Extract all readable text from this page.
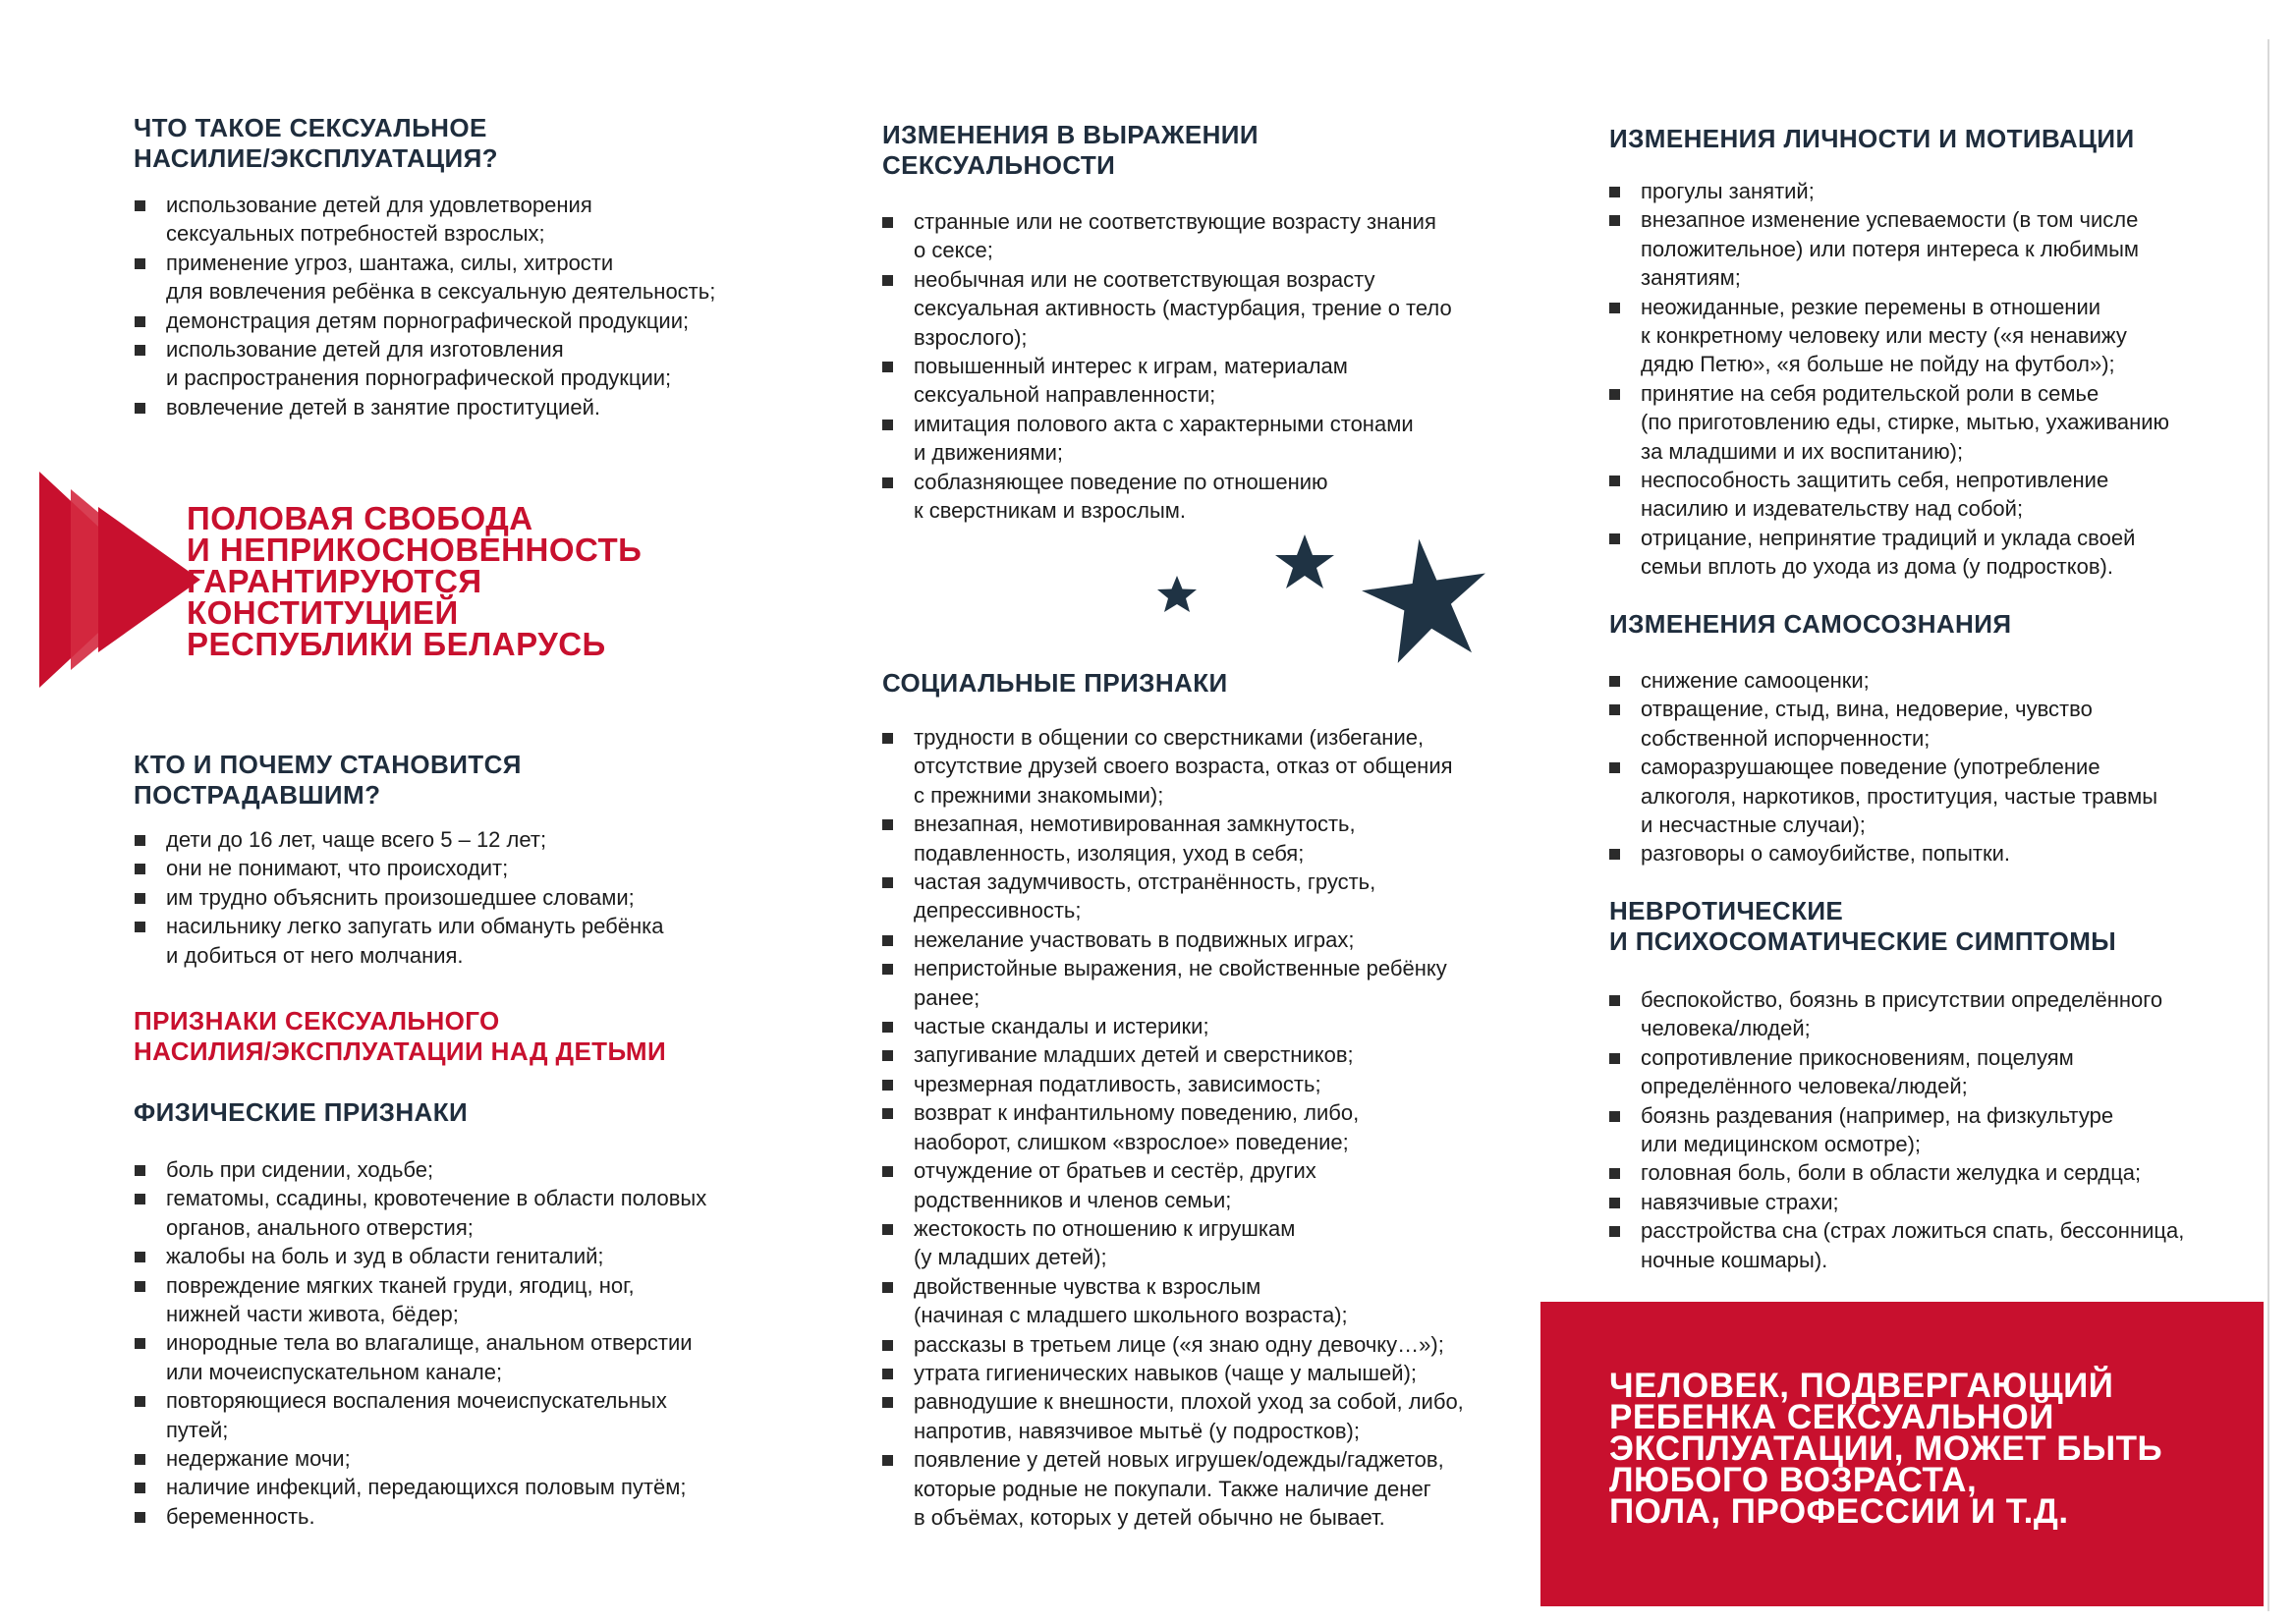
ЧТО ТАКОЕ СЕКСУАЛЬНОЕ
НАСИЛИЕ/ЭКСПЛУАТАЦИЯ?
использование детей для удовлетворения
сексуальных потребностей взрослых;
применение угроз, шантажа, силы, хитрости
для вовлечения ребёнка в сексуальную деятельность;
демонстрация детям порнографической продукции;
использование детей для изготовления
и распространения порнографической продукции;
вовлечение детей в занятие проституцией.
ПОЛОВАЯ СВОБОДА
И НЕПРИКОСНОВЕННОСТЬ
ГАРАНТИРУЮТСЯ
КОНСТИТУЦИЕЙ
РЕСПУБЛИКИ БЕЛАРУСЬ
КТО И ПОЧЕМУ СТАНОВИТСЯ
ПОСТРАДАВШИМ?
дети до 16 лет, чаще всего 5 – 12 лет;
они не понимают, что происходит;
им трудно объяснить произошедшее словами;
насильнику легко запугать или обмануть ребёнка
и добиться от него молчания.
ПРИЗНАКИ СЕКСУАЛЬНОГО
НАСИЛИЯ/ЭКСПЛУАТАЦИИ НАД ДЕТЬМИ
ФИЗИЧЕСКИЕ ПРИЗНАКИ
боль при сидении, ходьбе;
гематомы, ссадины, кровотечение в области половых
органов, анального отверстия;
жалобы на боль и зуд в области гениталий;
повреждение мягких тканей груди, ягодиц, ног,
нижней части живота, бёдер;
инородные тела во влагалище, анальном отверстии
или мочеиспускательном канале;
повторяющиеся воспаления мочеиспускательных
путей;
недержание мочи;
наличие инфекций, передающихся половым путём;
беременность.
ИЗМЕНЕНИЯ В ВЫРАЖЕНИИ
СЕКСУАЛЬНОСТИ
странные или не соответствующие возрасту знания
о сексе;
необычная или не соответствующая возрасту
сексуальная активность (мастурбация, трение о тело
взрослого);
повышенный интерес к играм, материалам
сексуальной направленности;
имитация полового акта с характерными стонами
и движениями;
соблазняющее поведение по отношению
к сверстникам и взрослым.
СОЦИАЛЬНЫЕ ПРИЗНАКИ
трудности в общении со сверстниками (избегание,
отсутствие друзей своего возраста, отказ от общения
с прежними знакомыми);
внезапная, немотивированная замкнутость,
подавленность, изоляция, уход в себя;
частая задумчивость, отстранённость, грусть,
депрессивность;
нежелание участвовать в подвижных играх;
непристойные выражения, не свойственные ребёнку
ранее;
частые скандалы и истерики;
запугивание младших детей и сверстников;
чрезмерная податливость, зависимость;
возврат к инфантильному поведению, либо,
наоборот, слишком «взрослое» поведение;
отчуждение от братьев и сестёр, других
родственников и членов семьи;
жестокость по отношению к игрушкам
(у младших детей);
двойственные чувства к взрослым
(начиная с младшего школьного возраста);
рассказы в третьем лице («я знаю одну девочку…»);
утрата гигиенических навыков (чаще у малышей);
равнодушие к внешности, плохой уход за собой, либо,
напротив, навязчивое мытьё (у подростков);
появление у детей новых игрушек/одежды/гаджетов,
которые родные не покупали. Также наличие денег
в объёмах, которых у детей обычно не бывает.
ИЗМЕНЕНИЯ ЛИЧНОСТИ И МОТИВАЦИИ
прогулы занятий;
внезапное изменение успеваемости (в том числе
положительное) или потеря интереса к любимым
занятиям;
неожиданные, резкие перемены в отношении
к конкретному человеку или месту («я ненавижу
дядю Петю», «я больше не пойду на футбол»);
принятие на себя родительской роли в семье
(по приготовлению еды, стирке, мытью, ухаживанию
за младшими и их воспитанию);
неспособность защитить себя, непротивление
насилию и издевательству над собой;
отрицание, непринятие традиций и уклада своей
семьи вплоть до ухода из дома (у подростков).
ИЗМЕНЕНИЯ САМОСОЗНАНИЯ
снижение самооценки;
отвращение, стыд, вина, недоверие, чувство
собственной испорченности;
саморазрушающее поведение (употребление
алкоголя, наркотиков, проституция, частые травмы
и несчастные случаи);
разговоры о самоубийстве, попытки.
НЕВРОТИЧЕСКИЕ
И ПСИХОСОМАТИЧЕСКИЕ СИМПТОМЫ
беспокойство, боязнь в присутствии определённого
человека/людей;
сопротивление прикосновениям, поцелуям
определённого человека/людей;
боязнь раздевания (например, на физкультуре
или медицинском осмотре);
головная боль, боли в области желудка и сердца;
навязчивые страхи;
расстройства сна (страх ложиться спать, бессонница,
ночные кошмары).
ЧЕЛОВЕК, ПОДВЕРГАЮЩИЙ
РЕБЕНКА СЕКСУАЛЬНОЙ
ЭКСПЛУАТАЦИИ, МОЖЕТ БЫТЬ
ЛЮБОГО ВОЗРАСТА,
ПОЛА, ПРОФЕССИИ И Т.Д.
